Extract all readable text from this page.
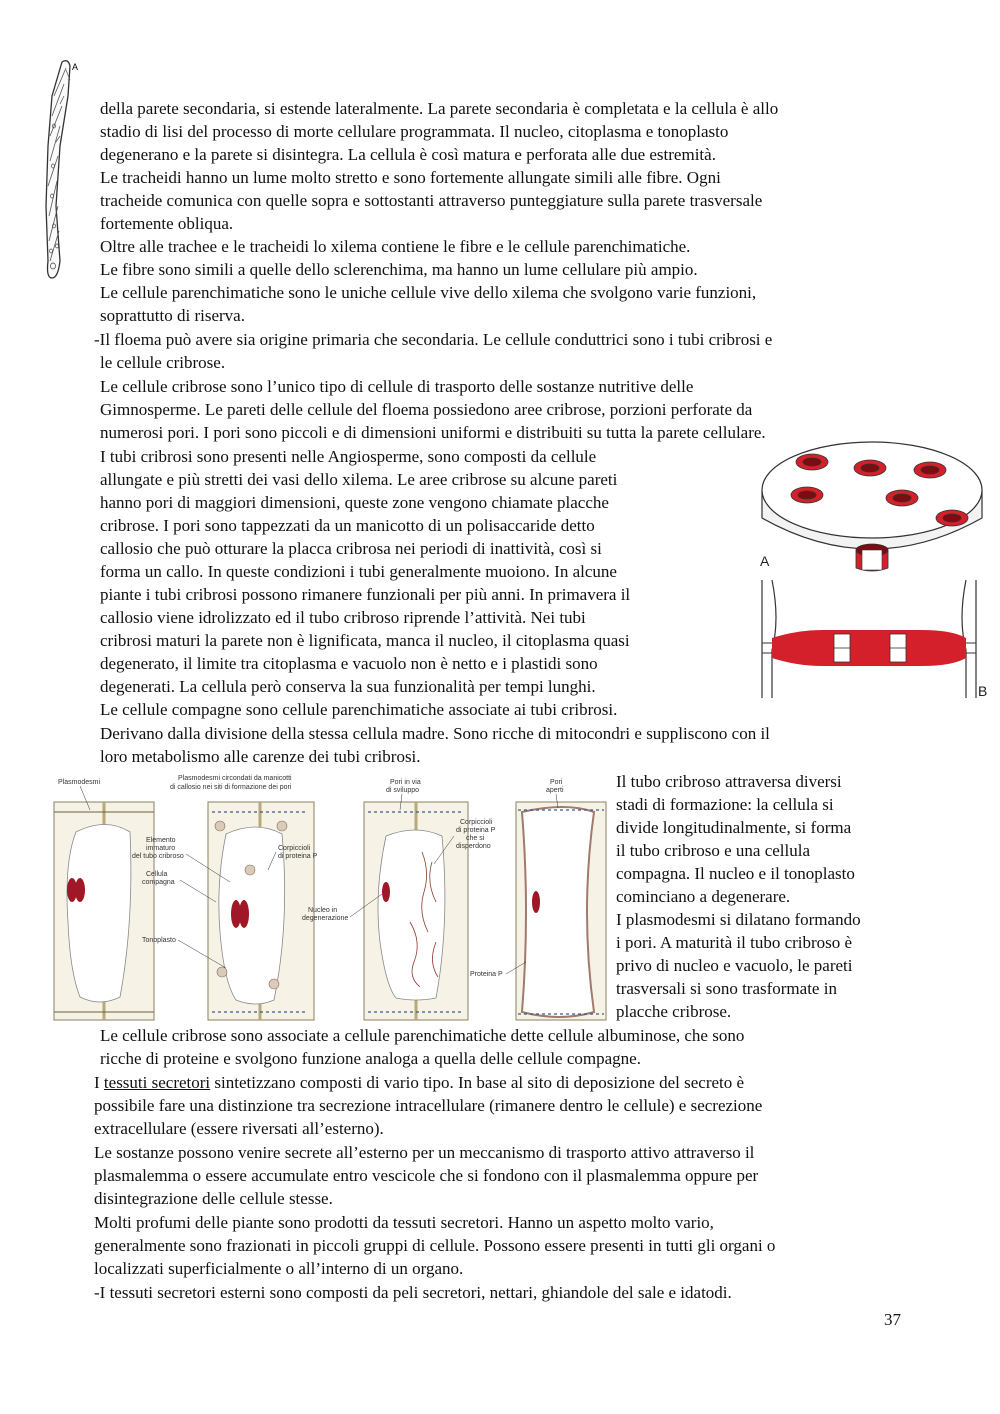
A
della parete secondaria, si estende lateralmente. La parete secondaria è completata e la cellula è allo
stadio di lisi del processo di morte cellulare programmata. Il nucleo, citoplasma e tonoplasto
degenerano e la parete si disintegra. La cellula è così matura e perforata alle due estremità.
Le tracheidi hanno un lume molto stretto e sono fortemente allungate simili alle fibre. Ogni
tracheide comunica con quelle sopra e sottostanti attraverso punteggiature sulla parete trasversale
fortemente obliqua.
Oltre alle trachee e le tracheidi lo xilema contiene le fibre e le cellule parenchimatiche.
Le fibre sono simili a quelle dello sclerenchima, ma hanno un lume cellulare più ampio.
Le cellule parenchimatiche sono le uniche cellule vive dello xilema che svolgono varie funzioni,
soprattutto di riserva.
-Il floema può avere sia origine primaria che secondaria. Le cellule conduttrici sono i tubi cribrosi e
le cellule cribrose.
Le cellule cribrose sono l’unico tipo di cellule di trasporto delle sostanze nutritive delle
Gimnosperme. Le pareti delle cellule del floema possiedono aree cribrose, porzioni perforate da
numerosi pori. I pori sono piccoli e di dimensioni uniformi e distribuiti su tutta la parete cellulare.
I tubi cribrosi sono presenti nelle Angiosperme, sono composti da cellule
allungate e più stretti dei vasi dello xilema. Le aree cribrose su alcune pareti
hanno pori di maggiori dimensioni, queste zone vengono chiamate placche
cribrose. I pori sono tappezzati da un manicotto di un polisaccaride detto
callosio che può otturare la placca cribrosa nei periodi di inattività, così si
forma un callo. In queste condizioni i tubi generalmente muoiono. In alcune
piante i tubi cribrosi possono rimanere funzionali per più anni. In primavera il
callosio viene idrolizzato ed il tubo cribroso riprende l’attività. Nei tubi
cribrosi maturi la parete non è lignificata, manca il nucleo, il citoplasma quasi
degenerato, il limite tra citoplasma e vacuolo non è netto e i plastidi sono
degenerati. La cellula però conserva la sua funzionalità per tempi lunghi.
Le cellule compagne sono cellule parenchimatiche associate ai tubi cribrosi.
Derivano dalla divisione della stessa cellula madre. Sono ricche di mitocondri e suppliscono con il
loro metabolismo alle carenze dei tubi cribrosi.
A
B
Plasmodesmi
Plasmodesmi circondati da manicotti
di callosio nei siti di formazione dei pori
Corpiccioli
di proteina P
Elemento
immaturo
del tubo cribroso
Cellula
compagna
Tonoplasto
Pori in via
di sviluppo
Corpiccioli
di proteina P
che si
disperdono
Nucleo in
degenerazione
Pori
aperti
Proteina P
Il tubo cribroso attraversa diversi
stadi di formazione: la cellula si
divide longitudinalmente, si forma
il tubo cribroso e una cellula
compagna. Il nucleo e il tonoplasto
cominciano a degenerare.
I plasmodesmi si dilatano formando
i pori. A maturità il tubo cribroso è
privo di nucleo e vacuolo, le pareti
trasversali si sono trasformate in
placche cribrose.
Le cellule cribrose sono associate a cellule parenchimatiche dette cellule albuminose, che sono
ricche di proteine e svolgono funzione analoga a quella delle cellule compagne.
I tessuti secretori sintetizzano composti di vario tipo. In base al sito di deposizione del secreto è
possibile fare una distinzione tra secrezione intracellulare (rimanere dentro le cellule) e secrezione
extracellulare (essere riversati all’esterno).
Le sostanze possono venire secrete all’esterno per un meccanismo di trasporto attivo attraverso il
plasmalemma o essere accumulate entro vescicole che si fondono con il plasmalemma oppure per
disintegrazione delle cellule stesse.
Molti profumi delle piante sono prodotti da tessuti secretori. Hanno un aspetto molto vario,
generalmente sono frazionati in piccoli gruppi di cellule. Possono essere presenti in tutti gli organi o
localizzati superficialmente o all’interno di un organo.
-I tessuti secretori esterni sono composti da peli secretori, nettari, ghiandole del sale e idatodi.
37
